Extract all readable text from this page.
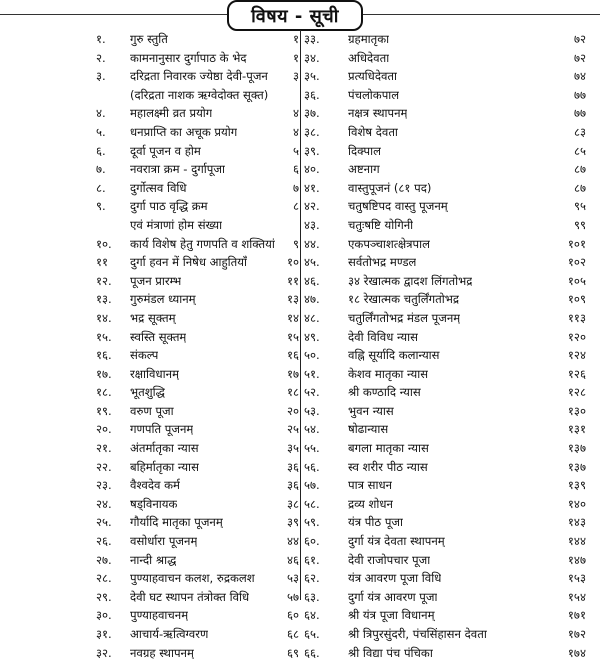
विषय - सूची
१.	गुरु स्तुति	१
२.	कामनानुसार दुर्गापाठ के भेद	१
३.	दरिद्रता निवारक ज्येष्ठा देवी-पूजन ३
(दरिद्रता नाशक ऋग्वेदोक्त सूक्त)
४.	महालक्ष्मी व्रत प्रयोग	४
५.	धनप्राप्ति का अचूक प्रयोग	४
६.	दूर्वा पूजन व होम	५
७.	नवरात्रा क्रम - दुर्गापूजा	६
८.	दुर्गोत्सव विधि	७
९.	दुर्गा पाठ वृद्धि क्रम	८
एवं मंत्राणां होम संख्या
१०.	कार्य विशेष हेतु गणपति व शक्तियां ९
११	दुर्गा हवन में निषेध आहुतियाँ	१०
१२.	पूजन प्रारम्भ	११
१३.	गुरुमंडल ध्यानम्	१३
१४.	भद्र सूक्तम्	१४
१५.	स्वस्ति सूक्तम्	१५
१६.	संकल्प	१६
१७.	रक्षाविधानम्	१७
१८.	भूतशुद्धि	१८
१९.	वरुण पूजा	२०
२०.	गणपति पूजनम्	२५
२१.	अंतर्मातृका न्यास	३५
२२.	बहिर्मातृका न्यास	३६
२३.	वैश्वदेव कर्म	३६
२४.	षड्विनायक	३८
२५.	गौर्यादि मातृका पूजनम्	३९
२६.	वसोर्धारा पूजनम्	४४
२७.	नान्दी श्राद्ध	४६
२८.	पुण्याहवाचन कलश, रुद्रकलश	५३
२९.	देवी घट स्थापन तंत्रोक्त विधि	५७
३०.	पुण्याहवाचनम्	६०
३१.	आचार्य-ऋत्विग्वरण	६८
३२.	नवग्रह स्थापनम्	६९
३३.	ग्रहमातृका	७२
३४.	अधिदेवता	७२
३५.	प्रत्यधिदेवता	७४
३६.	पंचलोकपाल	७७
३७.	नक्षत्र स्थापनम्	७७
३८.	विशेष देवता	८३
३९.	दिक्पाल	८५
४०.	अष्टनाग	८७
४१.	वास्तुपूजनं (८१ पद)	८७
४२.	चतुषष्टिपद वास्तु पूजनम्	९५
४३.	चतुःषष्टि योगिनी	९९
४४.	एकपञ्चाशत्क्षेत्रपाल	१०१
४५.	सर्वतोभद्र मण्डल	१०२
४६.	३४ रेखात्मक द्वादश लिंगतोभद्र	१०५
४७.	१८ रेखात्मक चतुर्लिंगतोभद्र	१०९
४८.	चतुर्लिंगतोभद्र मंडल पूजनम्	११३
४९.	देवी विविध न्यास	१२०
५०.	वह्नि सूर्यादि कलान्यास	१२४
५१.	केशव मातृका न्यास	१२६
५२.	श्री कण्ठादि न्यास	१२८
५३.	भुवन न्यास	१३०
५४.	षोढान्यास	१३१
५५.	बगला मातृका न्यास	१३७
५६.	स्व शरीर पीठ न्यास	१३७
५७.	पात्र साधन	१३९
५८.	द्रव्य शोधन	१४०
५९.	यंत्र पीठ पूजा	१४३
६०.	दुर्गा यंत्र देवता स्थापनम्	१४४
६१.	देवी राजोपचार पूजा	१४७
६२.	यंत्र आवरण पूजा विधि	१५३
६३.	दुर्गा यंत्र आवरण पूजा	१५४
६४.	श्री यंत्र पूजा विधानम्	१७१
६५.	श्री त्रिपुरसुंदरी, पंचसिंहासन देवता	१७२
६६.	श्री विद्या पंच पंचिका	१७४
